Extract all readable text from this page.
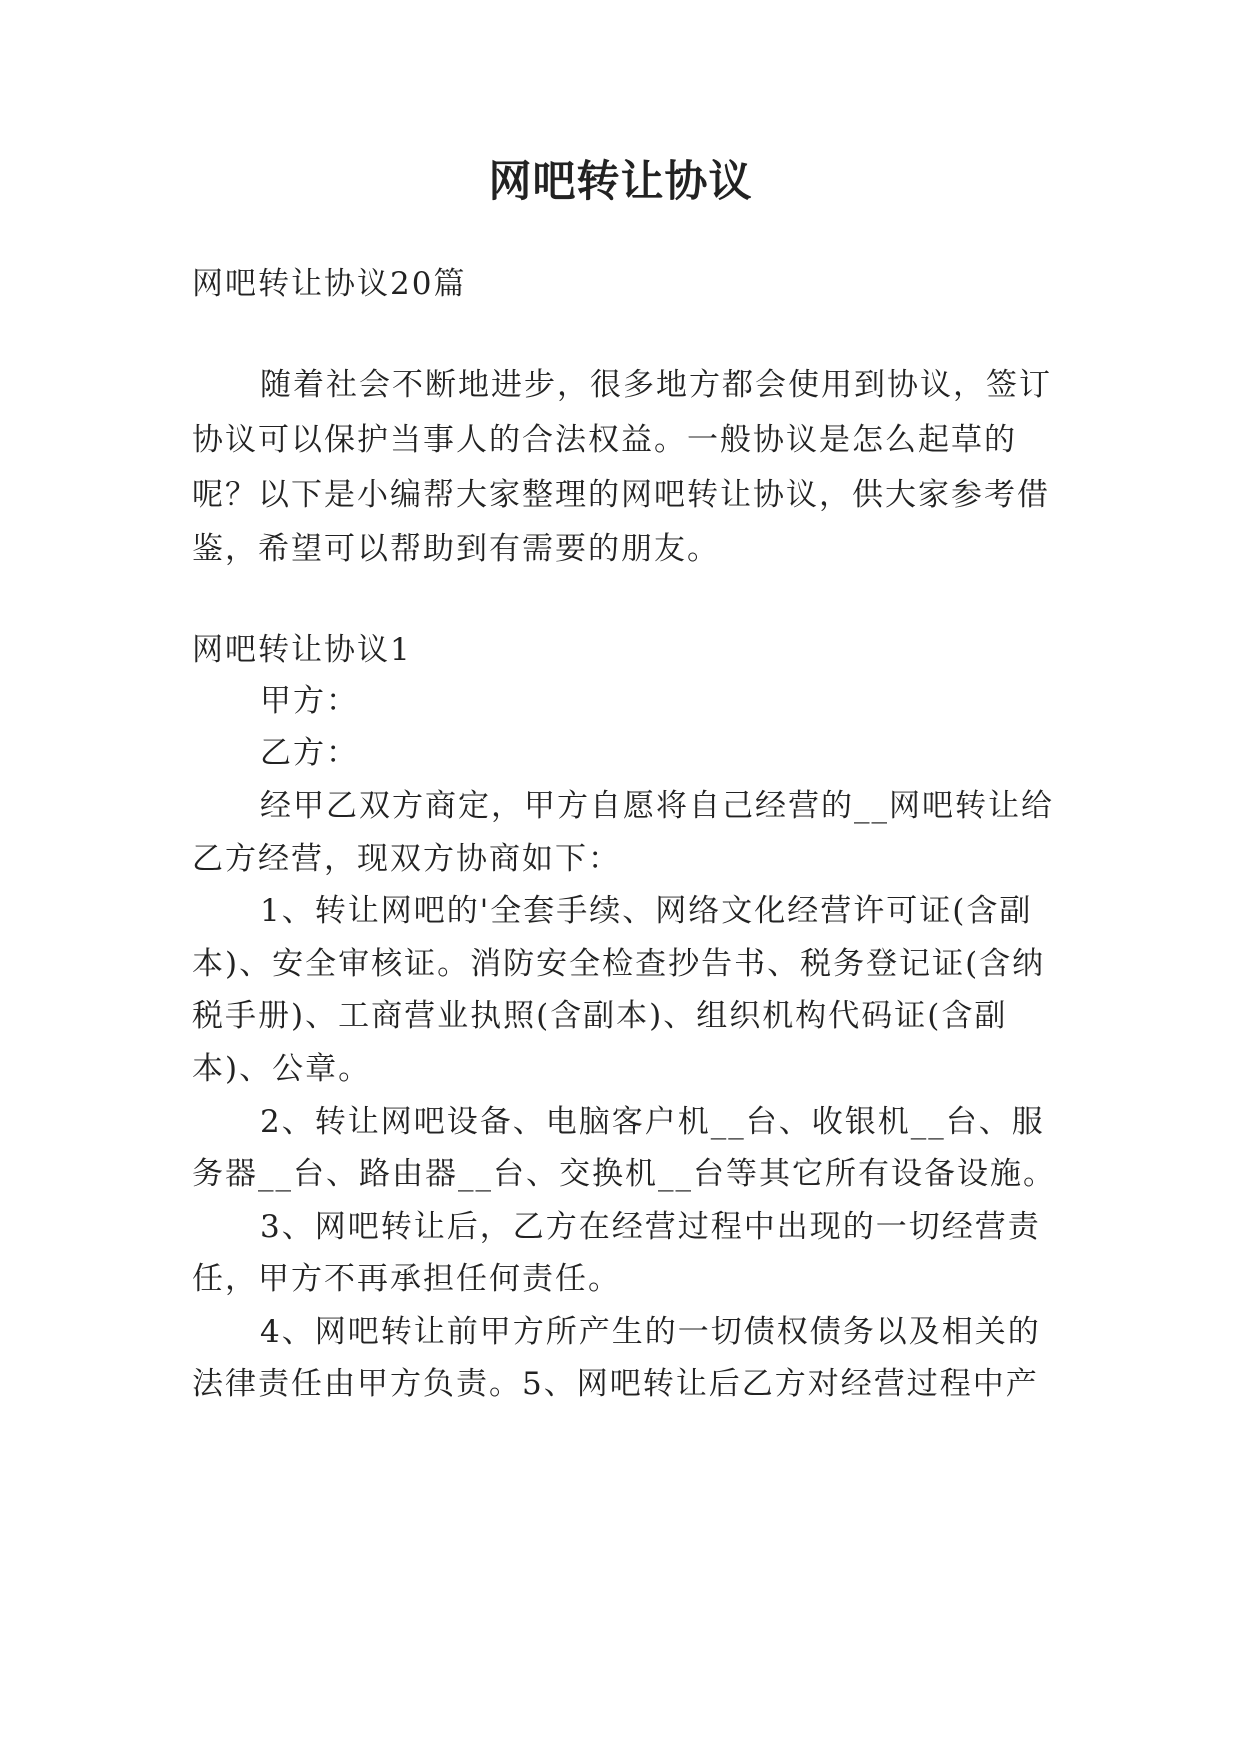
网吧转让协议
网吧转让协议20篇
随着社会不断地进步，很多地方都会使用到协议，签订
协议可以保护当事人的合法权益。一般协议是怎么起草的
呢？以下是小编帮大家整理的网吧转让协议，供大家参考借
鉴，希望可以帮助到有需要的朋友。
网吧转让协议1
甲方：
乙方：
经甲乙双方商定，甲方自愿将自己经营的__网吧转让给
乙方经营，现双方协商如下：
1、转让网吧的'全套手续、网络文化经营许可证(含副
本)、安全审核证。消防安全检查抄告书、税务登记证(含纳
税手册)、工商营业执照(含副本)、组织机构代码证(含副
本)、公章。
2、转让网吧设备、电脑客户机__台、收银机__台、服
务器__台、路由器__台、交换机__台等其它所有设备设施。
3、网吧转让后，乙方在经营过程中出现的一切经营责
任，甲方不再承担任何责任。
4、网吧转让前甲方所产生的一切债权债务以及相关的
法律责任由甲方负责。5、网吧转让后乙方对经营过程中产
